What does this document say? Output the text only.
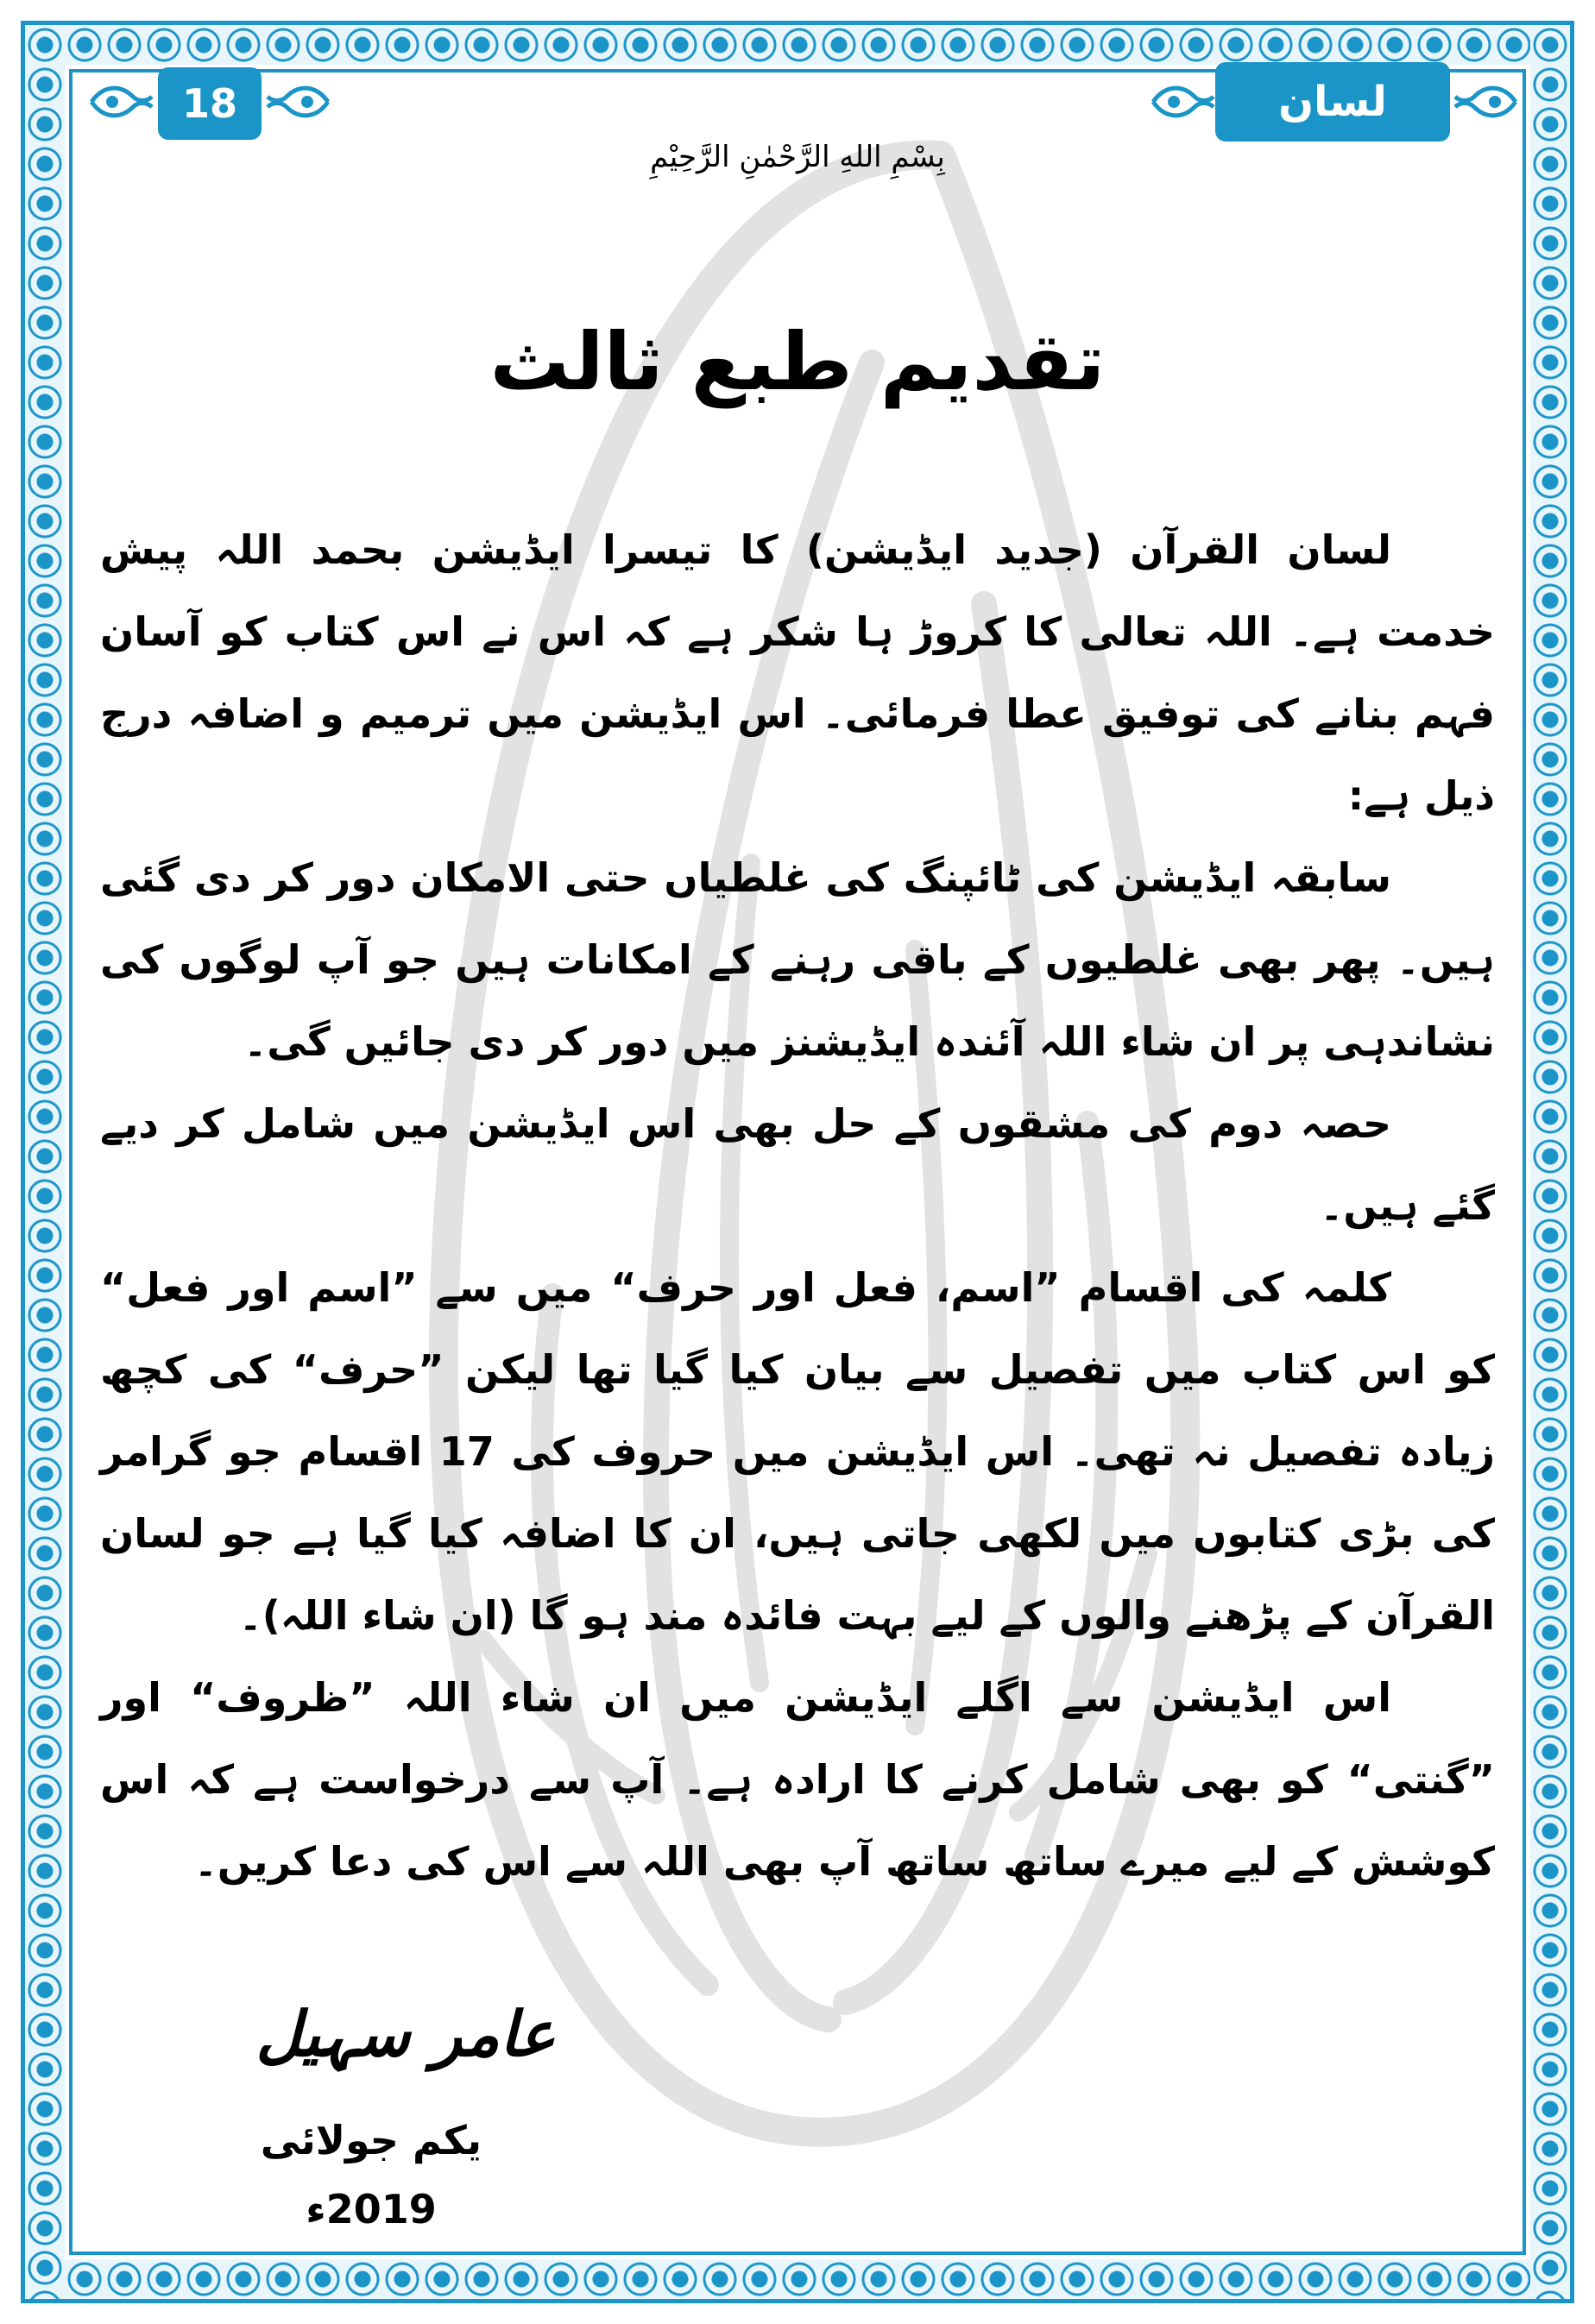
18	لسان القرآن
بِسْمِ اللهِ الرَّحْمٰنِ الرَّحِيْمِ
تقدیم طبع ثالث

لسان القرآن (جدید ایڈیشن) کا تیسرا ایڈیشن بحمد اللہ پیش خدمت ہے۔ اللہ تعالی کا کروڑ ہا شکر ہے کہ اس نے اس کتاب کو آسان فہم بنانے کی توفیق عطا فرمائی۔ اس ایڈیشن میں ترمیم و اضافہ درج ذیل ہے:

سابقہ ایڈیشن کی ٹائپنگ کی غلطیاں حتی الامکان دور کر دی گئی ہیں۔ پھر بھی غلطیوں کے باقی رہنے کے امکانات ہیں جو آپ لوگوں کی نشاندہی پر ان شاء اللہ آئندہ ایڈیشنز میں دور کر دی جائیں گی۔

حصہ دوم کی مشقوں کے حل بھی اس ایڈیشن میں شامل کر دیے گئے ہیں۔

کلمہ کی اقسام ”اسم، فعل اور حرف“ میں سے ”اسم اور فعل“ کو اس کتاب میں تفصیل سے بیان کیا گیا تھا لیکن ”حرف“ کی کچھ زیادہ تفصیل نہ تھی۔ اس ایڈیشن میں حروف کی 17 اقسام جو گرامر کی بڑی کتابوں میں لکھی جاتی ہیں، ان کا اضافہ کیا گیا ہے جو لسان القرآن کے پڑھنے والوں کے لیے بہت فائدہ مند ہو گا (ان شاء اللہ)۔

اس ایڈیشن سے اگلے ایڈیشن میں ان شاء اللہ ”ظروف“ اور ”گنتی“ کو بھی شامل کرنے کا ارادہ ہے۔ آپ سے درخواست ہے کہ اس کوشش کے لیے میرے ساتھ ساتھ آپ بھی اللہ سے اس کی دعا کریں۔

عامر سہیل
یکم جولائی 2019ء
